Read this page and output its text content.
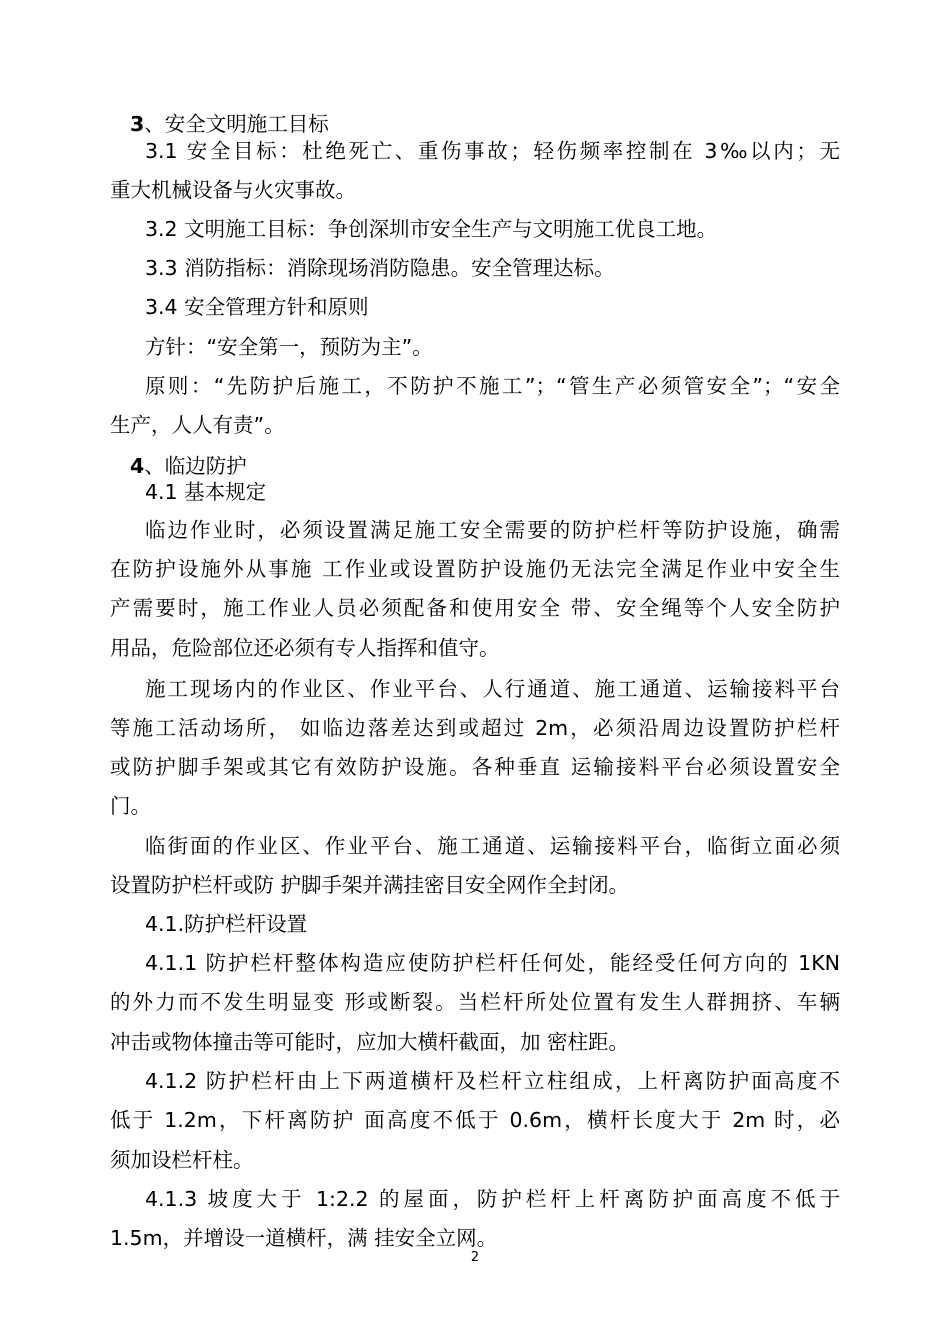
3、安全文明施工目标
3.1 安全目标：杜绝死亡、重伤事故；轻伤频率控制在 3‰以内；无
重大机械设备与火灾事故。
3.2 文明施工目标：争创深圳市安全生产与文明施工优良工地。
3.3 消防指标：消除现场消防隐患。安全管理达标。
3.4 安全管理方针和原则
方针：“安全第一，预防为主”。
原则：“先防护后施工，不防护不施工”；“管生产必须管安全”；“安全
生产，人人有责”。
4、临边防护
4.1 基本规定
临边作业时，必须设置满足施工安全需要的防护栏杆等防护设施，确需
在防护设施外从事施 工作业或设置防护设施仍无法完全满足作业中安全生
产需要时，施工作业人员必须配备和使用安全 带、安全绳等个人安全防护
用品，危险部位还必须有专人指挥和值守。
施工现场内的作业区、作业平台、人行通道、施工通道、运输接料平台
等施工活动场所， 如临边落差达到或超过 2m，必须沿周边设置防护栏杆
或防护脚手架或其它有效防护设施。各种垂直 运输接料平台必须设置安全
门。
临街面的作业区、作业平台、施工通道、运输接料平台，临街立面必须
设置防护栏杆或防 护脚手架并满挂密目安全网作全封闭。
4.1.防护栏杆设置
4.1.1 防护栏杆整体构造应使防护栏杆任何处，能经受任何方向的 1KN
的外力而不发生明显变 形或断裂。当栏杆所处位置有发生人群拥挤、车辆
冲击或物体撞击等可能时，应加大横杆截面，加 密柱距。
4.1.2 防护栏杆由上下两道横杆及栏杆立柱组成，上杆离防护面高度不
低于 1.2m，下杆离防护 面高度不低于 0.6m，横杆长度大于 2m 时，必
须加设栏杆柱。
4.1.3 坡度大于 1:2.2 的屋面，防护栏杆上杆离防护面高度不低于
1.5m，并增设一道横杆，满 挂安全立网。
2
